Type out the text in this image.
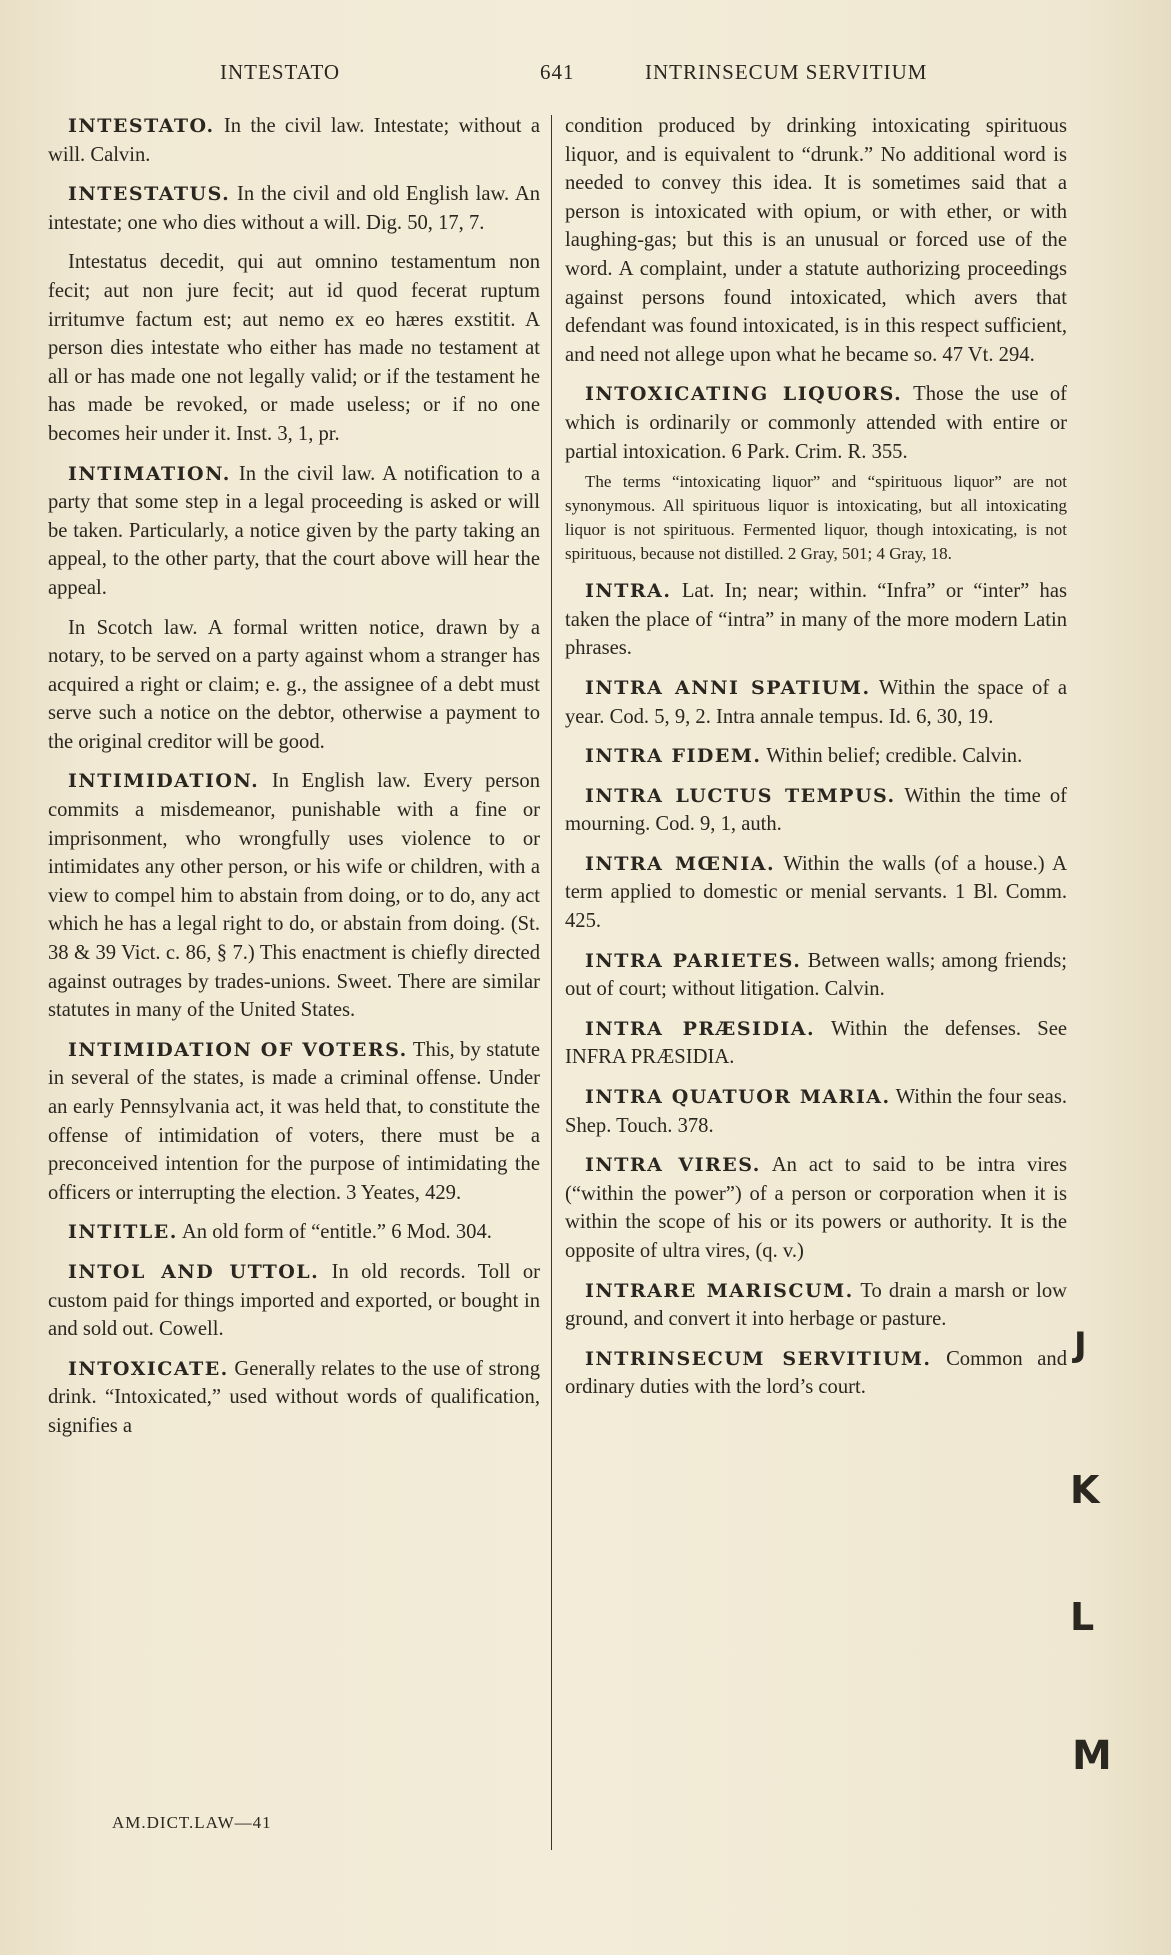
INTESTATO	641	INTRINSECUM SERVITIUM

INTESTATO. In the civil law. Intestate; without a will. Calvin.

INTESTATUS. In the civil and old English law. An intestate; one who dies without a will. Dig. 50, 17, 7.

Intestatus decedit, qui aut omnino testamentum non fecit; aut non jure fecit; aut id quod fecerat ruptum irritumve factum est; aut nemo ex eo hæres exstitit. A person dies intestate who either has made no testament at all or has made one not legally valid; or if the testament he has made be revoked, or made useless; or if no one becomes heir under it. Inst. 3, 1, pr.

INTIMATION. In the civil law. A notification to a party that some step in a legal proceeding is asked or will be taken. Particularly, a notice given by the party taking an appeal, to the other party, that the court above will hear the appeal.

In Scotch law. A formal written notice, drawn by a notary, to be served on a party against whom a stranger has acquired a right or claim; e. g., the assignee of a debt must serve such a notice on the debtor, otherwise a payment to the original creditor will be good.

INTIMIDATION. In English law. Every person commits a misdemeanor, punishable with a fine or imprisonment, who wrongfully uses violence to or intimidates any other person, or his wife or children, with a view to compel him to abstain from doing, or to do, any act which he has a legal right to do, or abstain from doing. (St. 38 & 39 Vict. c. 86, § 7.) This enactment is chiefly directed against outrages by trades-unions. Sweet. There are similar statutes in many of the United States.

INTIMIDATION OF VOTERS. This, by statute in several of the states, is made a criminal offense. Under an early Pennsylvania act, it was held that, to constitute the offense of intimidation of voters, there must be a preconceived intention for the purpose of intimidating the officers or interrupting the election. 3 Yeates, 429.

INTITLE. An old form of “entitle.” 6 Mod. 304.

INTOL AND UTTOL. In old records. Toll or custom paid for things imported and exported, or bought in and sold out. Cowell.

INTOXICATE. Generally relates to the use of strong drink. “Intoxicated,” used without words of qualification, signifies a

condition produced by drinking intoxicating spirituous liquor, and is equivalent to “drunk.” No additional word is needed to convey this idea. It is sometimes said that a person is intoxicated with opium, or with ether, or with laughing-gas; but this is an unusual or forced use of the word. A complaint, under a statute authorizing proceedings against persons found intoxicated, which avers that defendant was found intoxicated, is in this respect sufficient, and need not allege upon what he became so. 47 Vt. 294.

INTOXICATING LIQUORS. Those the use of which is ordinarily or commonly attended with entire or partial intoxication. 6 Park. Crim. R. 355.

The terms “intoxicating liquor” and “spirituous liquor” are not synonymous. All spirituous liquor is intoxicating, but all intoxicating liquor is not spirituous. Fermented liquor, though intoxicating, is not spirituous, because not distilled. 2 Gray, 501; 4 Gray, 18.

INTRA. Lat. In; near; within. “Infra” or “inter” has taken the place of “intra” in many of the more modern Latin phrases.

INTRA ANNI SPATIUM. Within the space of a year. Cod. 5, 9, 2. Intra annale tempus. Id. 6, 30, 19.

INTRA FIDEM. Within belief; credible. Calvin.

INTRA LUCTUS TEMPUS. Within the time of mourning. Cod. 9, 1, auth.

INTRA MŒNIA. Within the walls (of a house.) A term applied to domestic or menial servants. 1 Bl. Comm. 425.

INTRA PARIETES. Between walls; among friends; out of court; without litigation. Calvin.

INTRA PRÆSIDIA. Within the defenses. See INFRA PRÆSIDIA.

INTRA QUATUOR MARIA. Within the four seas. Shep. Touch. 378.

INTRA VIRES. An act to said to be intra vires (“within the power”) of a person or corporation when it is within the scope of his or its powers or authority. It is the opposite of ultra vires, (q. v.)

INTRARE MARISCUM. To drain a marsh or low ground, and convert it into herbage or pasture.

INTRINSECUM SERVITIUM. Common and ordinary duties with the lord’s court.

AM.DICT.LAW—41
J
K
L
M
